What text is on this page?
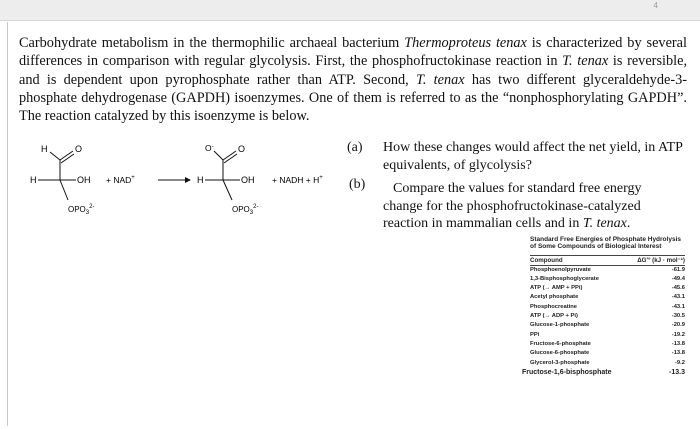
4
Carbohydrate metabolism in the thermophilic archaeal bacterium Thermoproteus tenax is characterized by several differences in comparison with regular glycolysis. First, the phosphofructokinase reaction in T. tenax is reversible, and is dependent upon pyrophosphate rather than ATP. Second, T. tenax has two different glyceraldehyde-3-phosphate dehydrogenase (GAPDH) isoenzymes. One of them is referred to as the “nonphosphorylating GAPDH”. The reaction catalyzed by this isoenzyme is below.
H	O
H	OH
$OPO_3^{2-}$
+ NAD+
O-	O
H	OH
$OPO_3^{2-}$
+ NADH + H+
(a) How these changes would affect the net yield, in ATP equivalents, of glycolysis?
(b)	Compare the values for standard free energy change for the phosphofructokinase-catalyzed reaction in mammalian cells and in T. tenax.
Standard Free Energies of Phosphate Hydrolysis of Some Compounds of Biological Interest
Compound	ΔG′° (kJ · mol⁻¹)
Phosphoenolpyruvate	-61.9
1,3-Bisphosphoglycerate	-49.4
ATP (→ AMP + PPi)	-45.6
Acetyl phosphate	-43.1
Phosphocreatine	-43.1
ATP (→ ADP + Pi)	-30.5
Glucose-1-phosphate	-20.9
PPi	-19.2
Fructose-6-phosphate	-13.8
Glucose-6-phosphate	-13.8
Glycerol-3-phosphate	-9.2
Fructose-1,6-bisphosphate	-13.3
